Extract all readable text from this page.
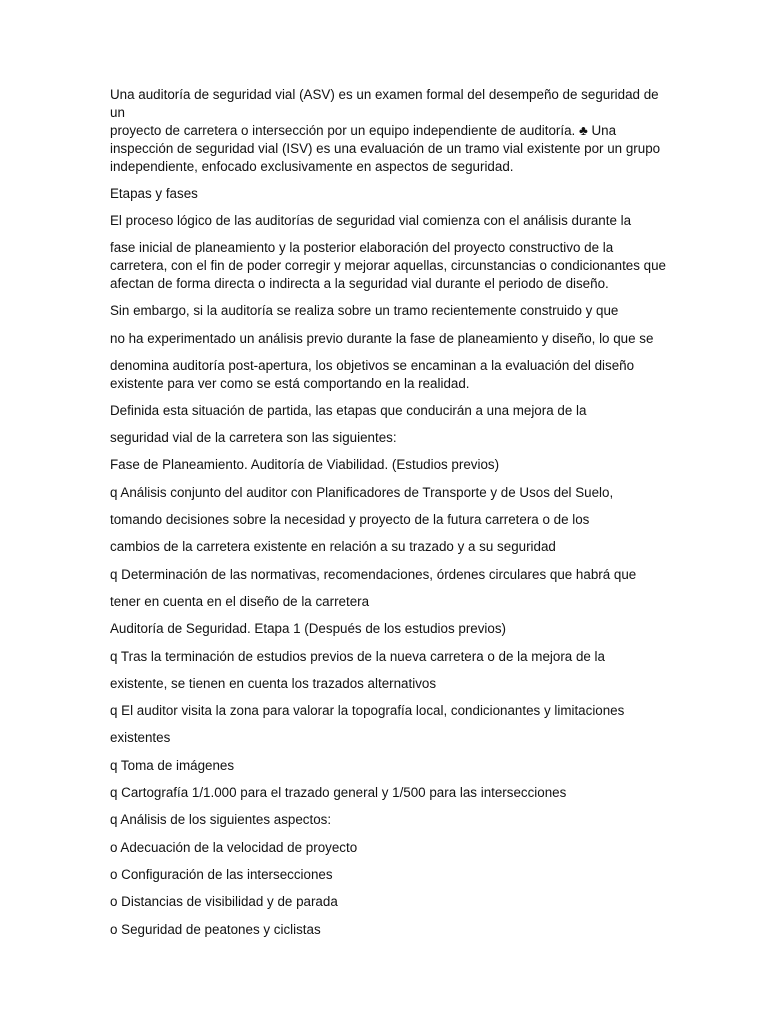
Una auditoría de seguridad vial (ASV) es un examen formal del desempeño de seguridad de un
proyecto de carretera o intersección por un equipo independiente de auditoría. ♣ Una
inspección de seguridad vial (ISV) es una evaluación de un tramo vial existente por un grupo
independiente, enfocado exclusivamente en aspectos de seguridad.

Etapas y fases

El proceso lógico de las auditorías de seguridad vial comienza con el análisis durante la

fase inicial de planeamiento y la posterior elaboración del proyecto constructivo de la
carretera, con el fin de poder corregir y mejorar aquellas, circunstancias o condicionantes que
afectan de forma directa o indirecta a la seguridad vial durante el periodo de diseño.

Sin embargo, si la auditoría se realiza sobre un tramo recientemente construido y que

no ha experimentado un análisis previo durante la fase de planeamiento y diseño, lo que se

denomina auditoría post-apertura, los objetivos se encaminan a la evaluación del diseño
existente para ver como se está comportando en la realidad.

Definida esta situación de partida, las etapas que conducirán a una mejora de la

seguridad vial de la carretera son las siguientes:

Fase de Planeamiento. Auditoría de Viabilidad. (Estudios previos)

q Análisis conjunto del auditor con Planificadores de Transporte y de Usos del Suelo,

tomando decisiones sobre la necesidad y proyecto de la futura carretera o de los

cambios de la carretera existente en relación a su trazado y a su seguridad

q Determinación de las normativas, recomendaciones, órdenes circulares que habrá que

tener en cuenta en el diseño de la carretera

Auditoría de Seguridad. Etapa 1 (Después de los estudios previos)

q Tras la terminación de estudios previos de la nueva carretera o de la mejora de la

existente, se tienen en cuenta los trazados alternativos

q El auditor visita la zona para valorar la topografía local, condicionantes y limitaciones

existentes

q Toma de imágenes

q Cartografía 1/1.000 para el trazado general y 1/500 para las intersecciones

q Análisis de los siguientes aspectos:

o Adecuación de la velocidad de proyecto

o Configuración de las intersecciones

o Distancias de visibilidad y de parada

o Seguridad de peatones y ciclistas
